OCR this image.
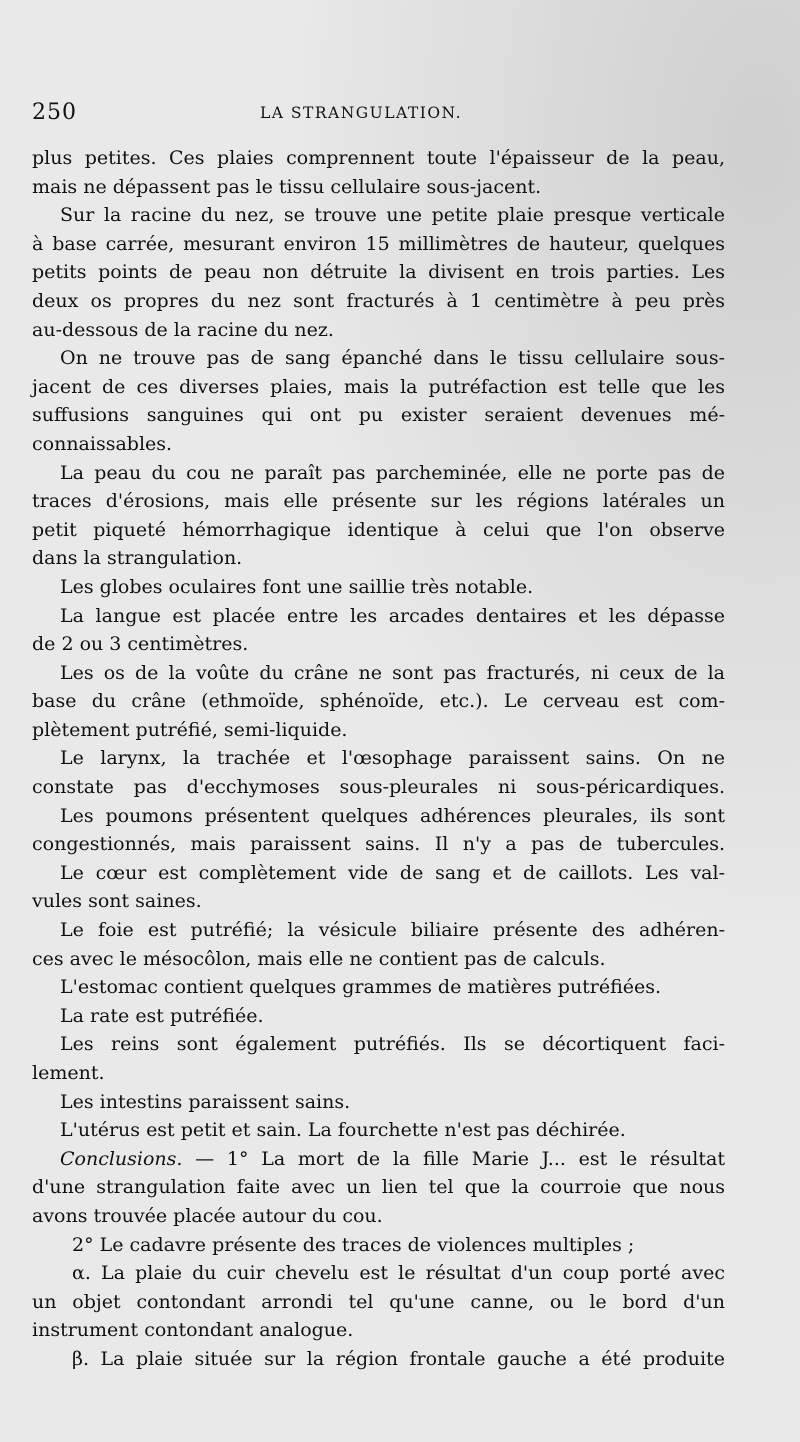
250	LA STRANGULATION.
plus petites. Ces plaies comprennent toute l'épaisseur de la peau,
mais ne dépassent pas le tissu cellulaire sous-jacent.
Sur la racine du nez, se trouve une petite plaie presque verticale
à base carrée, mesurant environ 15 millimètres de hauteur, quelques
petits points de peau non détruite la divisent en trois parties. Les
deux os propres du nez sont fracturés à 1 centimètre à peu près
au-dessous de la racine du nez.
On ne trouve pas de sang épanché dans le tissu cellulaire sous-
jacent de ces diverses plaies, mais la putréfaction est telle que les
suffusions sanguines qui ont pu exister seraient devenues mé-
connaissables.
La peau du cou ne paraît pas parcheminée, elle ne porte pas de
traces d'érosions, mais elle présente sur les régions latérales un
petit piqueté hémorrhagique identique à celui que l'on observe
dans la strangulation.
Les globes oculaires font une saillie très notable.
La langue est placée entre les arcades dentaires et les dépasse
de 2 ou 3 centimètres.
Les os de la voûte du crâne ne sont pas fracturés, ni ceux de la
base du crâne (ethmoïde, sphénoïde, etc.). Le cerveau est com-
plètement putréfié, semi-liquide.
Le larynx, la trachée et l'œsophage paraissent sains. On ne
constate pas d'ecchymoses sous-pleurales ni sous-péricardiques.
Les poumons présentent quelques adhérences pleurales, ils sont
congestionnés, mais paraissent sains. Il n'y a pas de tubercules.
Le cœur est complètement vide de sang et de caillots. Les val-
vules sont saines.
Le foie est putréfié; la vésicule biliaire présente des adhéren-
ces avec le mésocôlon, mais elle ne contient pas de calculs.
L'estomac contient quelques grammes de matières putréfiées.
La rate est putréfiée.
Les reins sont également putréfiés. Ils se décortiquent faci-
lement.
Les intestins paraissent sains.
L'utérus est petit et sain. La fourchette n'est pas déchirée.
Conclusions. — 1° La mort de la fille Marie J... est le résultat
d'une strangulation faite avec un lien tel que la courroie que nous
avons trouvée placée autour du cou.
2° Le cadavre présente des traces de violences multiples ;
α. La plaie du cuir chevelu est le résultat d'un coup porté avec
un objet contondant arrondi tel qu'une canne, ou le bord d'un
instrument contondant analogue.
β. La plaie située sur la région frontale gauche a été produite
